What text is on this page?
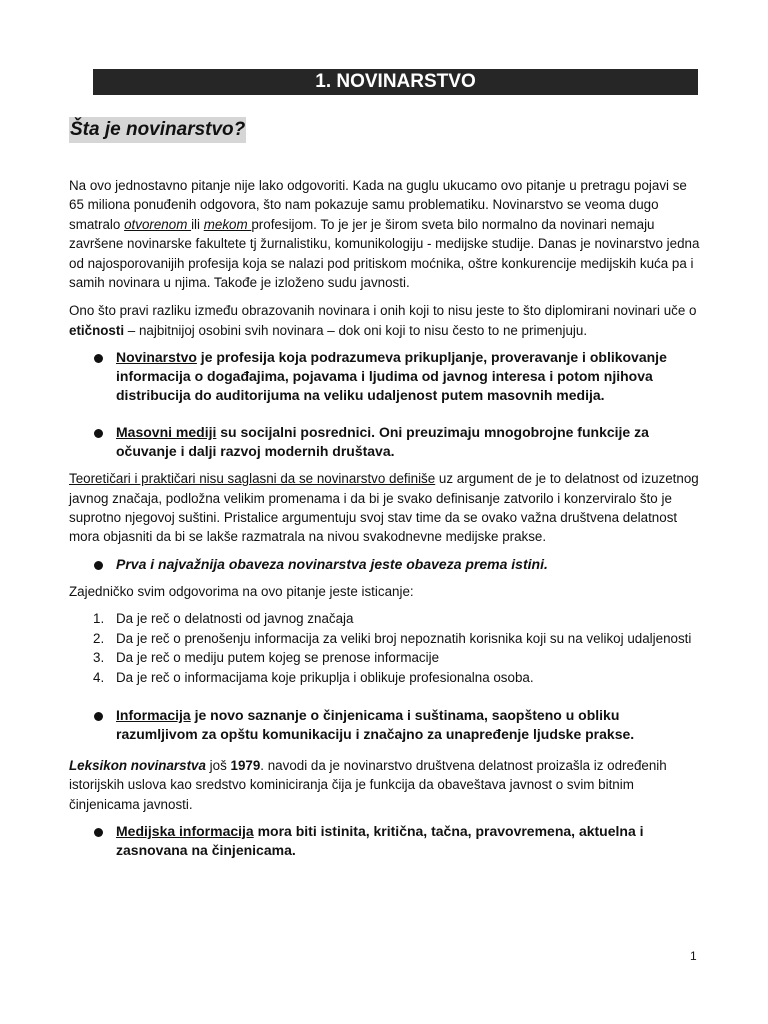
1. NOVINARSTVO
Šta je novinarstvo?

Na ovo jednostavno pitanje nije lako odgovoriti. Kada na guglu ukucamo ovo pitanje u pretragu pojavi se 65 miliona ponuđenih odgovora, što nam pokazuje samu problematiku. Novinarstvo se veoma dugo smatralo otvorenom ili mekom profesijom. To je jer je širom sveta bilo normalno da novinari nemaju završene novinarske fakultete tj žurnalistiku, komunikologiju - medijske studije. Danas je novinarstvo jedna od najosporovanijih profesija koja se nalazi pod pritiskom moćnika, oštre konkurencije medijskih kuća pa i samih novinara u njima. Takođe je izloženo sudu javnosti.

Ono što pravi razliku između obrazovanih novinara i onih koji to nisu jeste to što diplomirani novinari uče o etičnosti – najbitnijoj osobini svih novinara – dok oni koji to nisu često to ne primenjuju.

Novinarstvo je profesija koja podrazumeva prikupljanje, proveravanje i oblikovanje informacija o događajima, pojavama i ljudima od javnog interesa i potom njihova distribucija do auditorijuma na veliku udaljenost putem masovnih medija.
Masovni mediji su socijalni posrednici. Oni preuzimaju mnogobrojne funkcije za očuvanje i dalji razvoj modernih društava.

Teoretičari i praktičari nisu saglasni da se novinarstvo definiše uz argument de je to delatnost od izuzetnog javnog značaja, podložna velikim promenama i da bi je svako definisanje zatvorilo i konzerviralo što je suprotno njegovoj suštini. Pristalice argumentuju svoj stav time da se ovako važna društvena delatnost mora objasniti da bi se lakše razmatrala na nivou svakodnevne medijske prakse.

Prva i najvažnija obaveza novinarstva jeste obaveza prema istini.

Zajedničko svim odgovorima na ovo pitanje jeste isticanje:

1. Da je reč o delatnosti od javnog značaja
2. Da je reč o prenošenju informacija za veliki broj nepoznatih korisnika koji su na velikoj udaljenosti
3. Da je reč o mediju putem kojeg se prenose informacije
4. Da je reč o informacijama koje prikuplja i oblikuje profesionalna osoba.
Informacija je novo saznanje o činjenicama i suštinama, saopšteno u obliku razumljivom za opštu komunikaciju i značajno za unapređenje ljudske prakse.

Leksikon novinarstva još 1979. navodi da je novinarstvo društvena delatnost proizašla iz određenih istorijskih uslova kao sredstvo kominiciranja čija je funkcija da obaveštava javnost o svim bitnim činjenicama javnosti.

Medijska informacija mora biti istinita, kritična, tačna, pravovremena, aktuelna i zasnovana na činjenicama.
1
